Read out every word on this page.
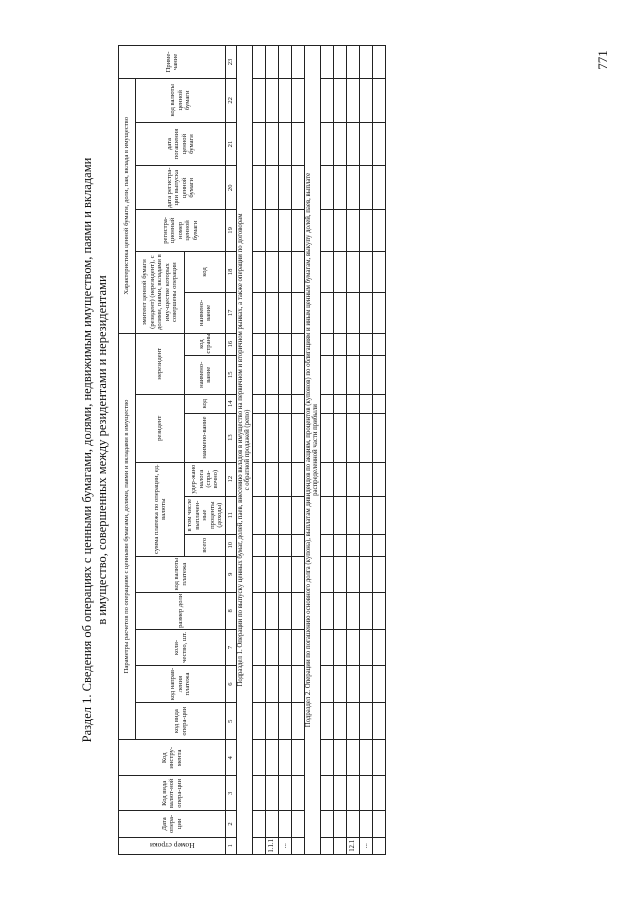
771
Раздел 1. Сведения об операциях с ценными бумагами, долями, недвижимым имуществом, паями и вкладами в имущество, совершенных между резидентами и нерезидентами
Номер строки	Дата опера-ции	Код вида валют-ной опера-ции	Код инстру-мента	Параметры расчетов по операциям с ценными бумагами, долями, паями и вкладами в имущество												Характеристика ценной бумаги, доли, пая, вклада в имущество						Приме-чание
				код вида опера-ции	код направ-ления платежа	коли-чество, шт.	размер доли	код валюты платежа	сумма платежа по операции, ед. валюты			резидент		нерезидент		эмитент ценной бумаги (резидент) (нерезидент), с долями, паями, вкладами в иму-ществе которых совершены операции		регистра-ционный номер ценной бумаги	дата регистра-ции выпуска ценной бумаги	дата погашения ценной бумаги	код валюты ценной бумаги	
									всего	в том числе выплачен-ные проценты (доходы)	удер-жано налога (спра-вочно)	наимено-вание	код	наимено-вание	код страны							
																наимено-вание	код					
1	2	3	4	5	6	7	8	9	10	11	12	13	14	15	16	17	18	19	20	21	22	23

Подраздел 1. Операции по выпуску ценных бумаг, долей, паев, внесению вкладов в имущество на первичном и вторичном рынках, а также операции по договорам с обратной продажей (репо)																						

1.1.1																						
...																						

Подраздел 2. Операции по погашению основного долга (купона), выплатам дивидендов по акциям, процентов (купонов) по облигациям и иным ценным бумагам, выкупу долей, паев, выплате распределенной части прибыли																						

12.1																						
...																						
